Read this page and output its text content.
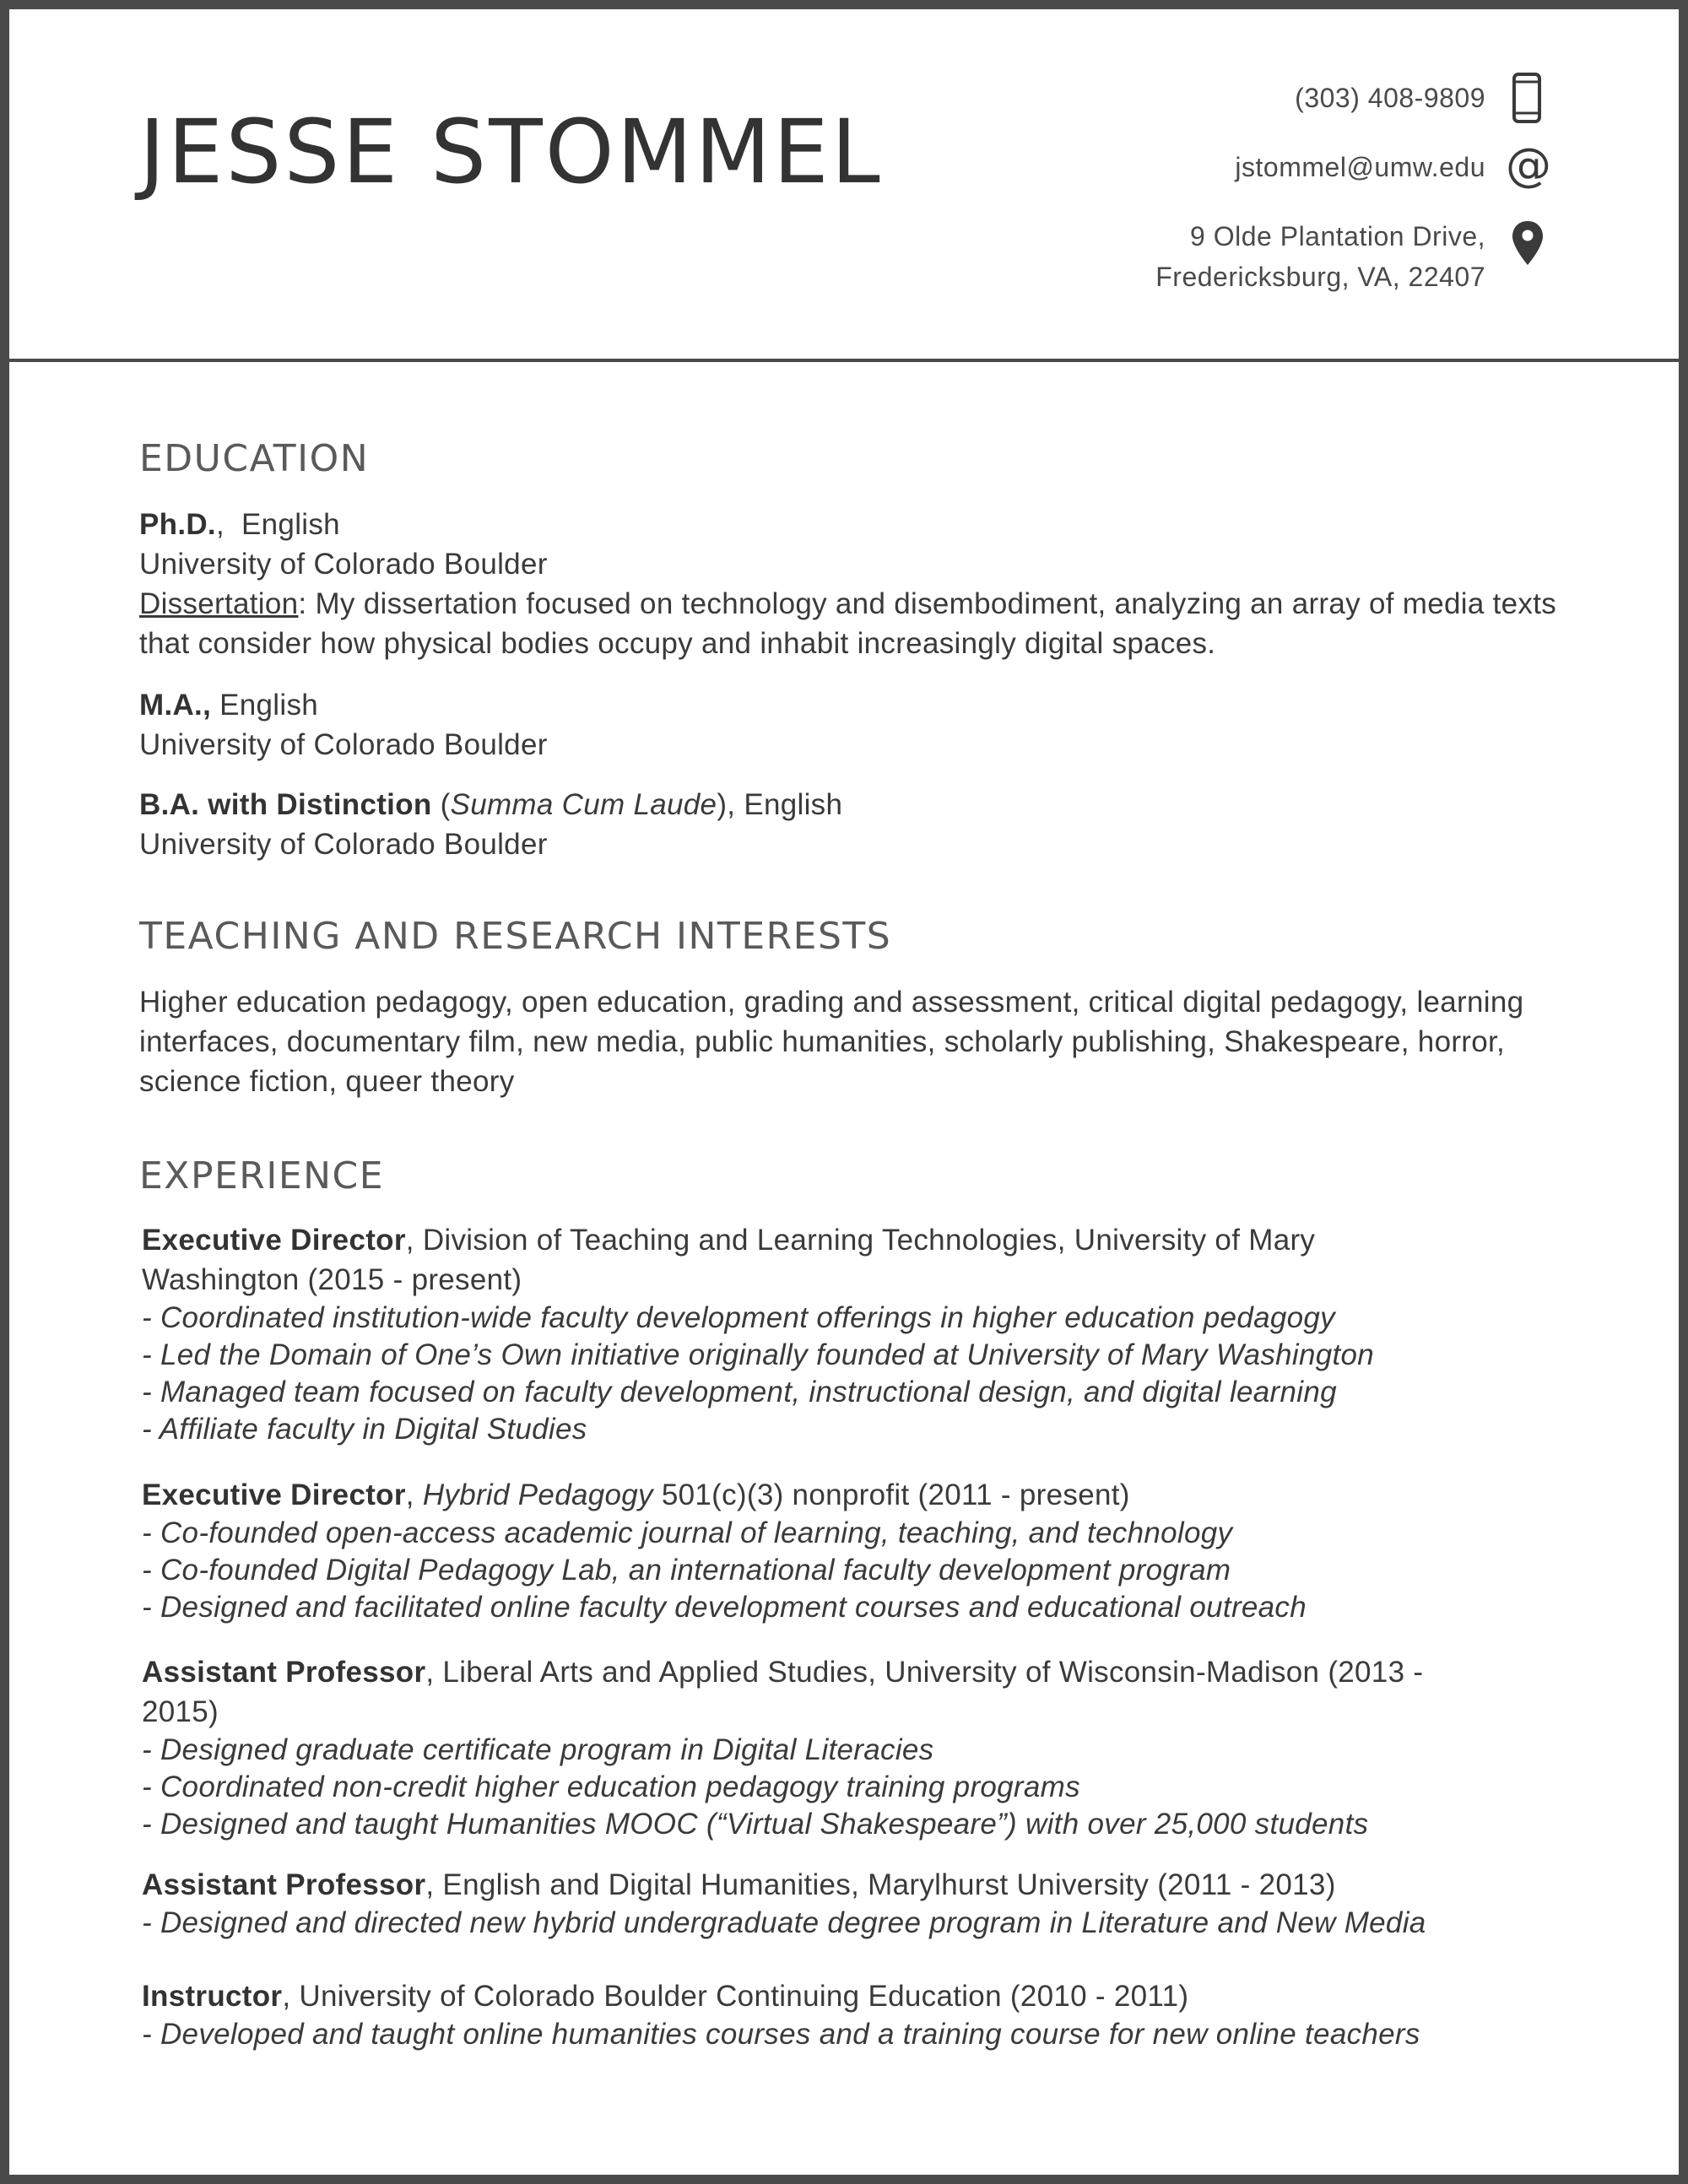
JESSE STOMMEL
(303) 408-9809
jstommel@umw.edu @
9 Olde Plantation Drive,
Fredericksburg, VA, 22407
EDUCATION
Ph.D.,  English
University of Colorado Boulder
Dissertation: My dissertation focused on technology and disembodiment, analyzing an array of media texts that consider how physical bodies occupy and inhabit increasingly digital spaces.
M.A., English
University of Colorado Boulder
B.A. with Distinction (Summa Cum Laude), English
University of Colorado Boulder
TEACHING AND RESEARCH INTERESTS
Higher education pedagogy, open education, grading and assessment, critical digital pedagogy, learning interfaces, documentary film, new media, public humanities, scholarly publishing, Shakespeare, horror, science fiction, queer theory
EXPERIENCE
Executive Director, Division of Teaching and Learning Technologies, University of Mary Washington (2015 - present)
- Coordinated institution-wide faculty development offerings in higher education pedagogy
- Led the Domain of One’s Own initiative originally founded at University of Mary Washington
- Managed team focused on faculty development, instructional design, and digital learning
- Affiliate faculty in Digital Studies
Executive Director, Hybrid Pedagogy 501(c)(3) nonprofit (2011 - present)
- Co-founded open-access academic journal of learning, teaching, and technology
- Co-founded Digital Pedagogy Lab, an international faculty development program
- Designed and facilitated online faculty development courses and educational outreach
Assistant Professor, Liberal Arts and Applied Studies, University of Wisconsin-Madison (2013 - 2015)
- Designed graduate certificate program in Digital Literacies
- Coordinated non-credit higher education pedagogy training programs
- Designed and taught Humanities MOOC (“Virtual Shakespeare”) with over 25,000 students
Assistant Professor, English and Digital Humanities, Marylhurst University (2011 - 2013)
- Designed and directed new hybrid undergraduate degree program in Literature and New Media
Instructor, University of Colorado Boulder Continuing Education (2010 - 2011)
- Developed and taught online humanities courses and a training course for new online teachers
